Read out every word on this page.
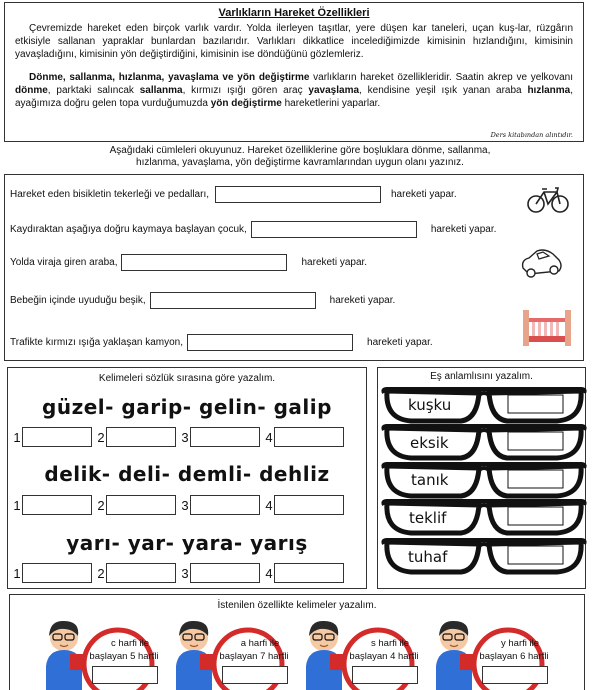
Varlıkların Hareket Özellikleri

Çevremizde hareket eden birçok varlık vardır. Yolda ilerleyen taşıtlar, yere düşen kar taneleri, uçan kuş-lar, rüzgârın etkisiyle sallanan yapraklar bunlardan bazılarıdır. Varlıkları dikkatlice incelediğimizde kimisinin hızlandığını, kimisinin yavaşladığını, kimisinin yön değiştirdiğini, kimisinin ise döndüğünü gözlemleriz.

Dönme, sallanma, hızlanma, yavaşlama ve yön değiştirme varlıkların hareket özellikleridir. Saatin akrep ve yelkovanı dönme, parktaki salıncak sallanma, kırmızı ışığı gören araç yavaşlama, kendisine yeşil ışık yanan araba hızlanma, ayağımıza doğru gelen topa vurduğumuzda yön değiştirme hareketlerini yaparlar.

Ders kitabından alıntıdır.
Aşağıdaki cümleleri okuyunuz. Hareket özelliklerine göre boşluklara dönme, sallanma, hızlanma, yavaşlama, yön değiştirme kavramlarından uygun olanı yazınız.
Hareket eden bisikletin tekerleği ve pedalları,	hareketi yapar.
Kaydıraktan aşağıya doğru kaymaya başlayan çocuk,	hareketi yapar.
Yolda viraja giren araba,	hareketi yapar.
Bebeğin içinde uyuduğu beşik,	hareketi yapar.
Trafikte kırmızı ışığa yaklaşan kamyon,	hareketi yapar.
Kelimeleri sözlük sırasına göre yazalım.
güzel- garip- gelin- galip
1	2	3	4
delik- deli- demli- dehliz
1	2	3	4
yarı- yar- yara- yarış
1	2	3	4
Eş anlamlısını yazalım.
kuşku
eksik
tanık
teklif
tuhaf
İstenilen özellikte kelimeler yazalım.
c harfi ile
başlayan 5 harfli
a harfi ile
başlayan 7 harfli
s harfi ile
başlayan 4 harfli
y harfi ile
başlayan 6 harfli
